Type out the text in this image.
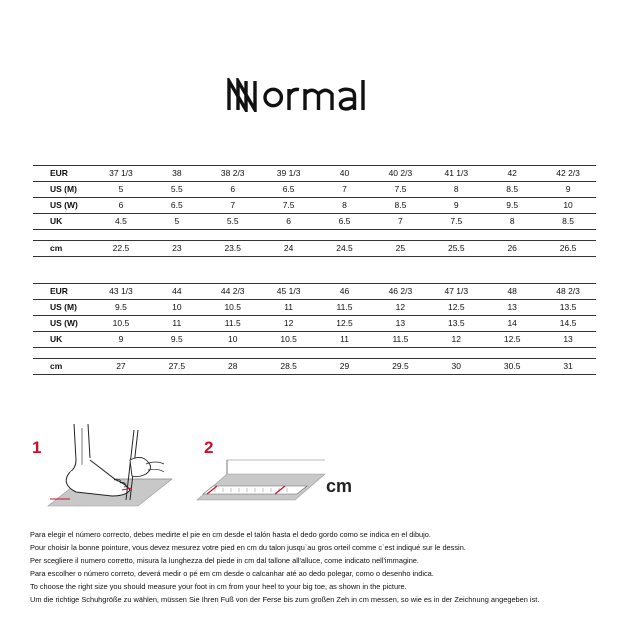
EUR	37 1/3	38	38 2/3	39 1/3	40	40 2/3	41 1/3	42	42 2/3
US (M)	5	5.5	6	6.5	7	7.5	8	8.5	9
US (W)	6	6.5	7	7.5	8	8.5	9	9.5	10
UK	4.5	5	5.5	6	6.5	7	7.5	8	8.5

cm	22.5	23	23.5	24	24.5	25	25.5	26	26.5
EUR	43 1/3	44	44 2/3	45 1/3	46	46 2/3	47 1/3	48	48 2/3
US (M)	9.5	10	10.5	11	11.5	12	12.5	13	13.5
US (W)	10.5	11	11.5	12	12.5	13	13.5	14	14.5
UK	9	9.5	10	10.5	11	11.5	12	12.5	13

cm	27	27.5	28	28.5	29	29.5	30	30.5	31
1	2
cm
Para elegir el número correcto, debes medirte el pie en cm desde el talón hasta el dedo gordo como se indica en el dibujo.
Pour choisir la bonne pointure, vous devez mesurez votre pied en cm du talon jusqu`au gros orteil comme c`est indiqué sur le dessin.
Per scegliere il numero corretto, misura la lunghezza del piede in cm dal tallone all'alluce, come indicato nell'immagine.
Para escolher o número correto, deverá medir o pé em cm desde o calcanhar até ao dedo polegar, como o desenho indica.
To choose the right size you should measure your foot in cm from your heel to your big toe, as shown in the picture.
Um die richtige Schuhgröße zu wählen, müssen Sie Ihren Fuß von der Ferse bis zum großen Zeh in cm messen, so wie es in der Zeichnung angegeben ist.
